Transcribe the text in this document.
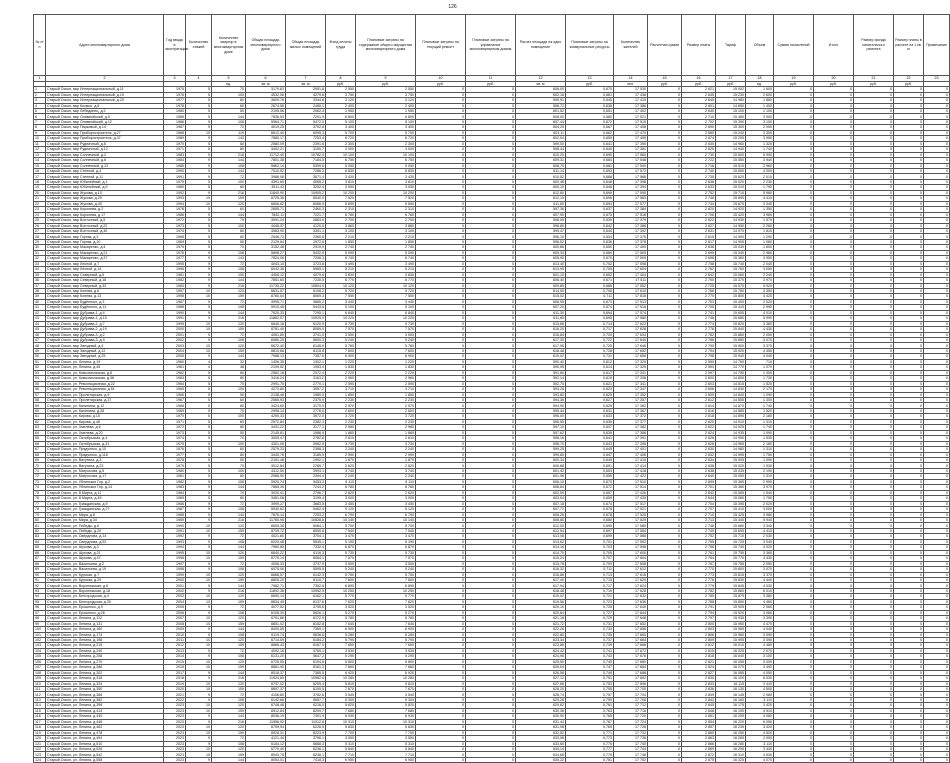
126
№ п/п	Адрес многоквартирного дома	Год ввода в эксплуатацию	Количество этажей	Количество квартир в многоквартирном доме	Общая площадь многоквартирного дома	Общая площадь жилых помещений	Фонд оплаты труда	Плановые затраты на содержание общего имущества многоквартирного дома	Плановые затраты на текущий ремонт	Плановые затраты на управление многоквартирным домом	Расчет площади на одно помещение	Плановые затраты на коммунальные ресурсы	Количество жителей	Расчетная сумма	Размер платы	Тариф	Объем	Сумма начислений	Итого	Размер фонда капитального ремонта	Размер платы в расчете на 1 кв. м	Примечание
1	2	3	4	5	6	7	8	9	10	11	12	13	14	15	16	17	18	19	20	21	22	23
				ед.	кв. м	кв. м	руб.	руб.	руб.	руб.	кв. м	руб.	чел.	руб.	руб.	руб.	ед.	руб.	руб.	руб.	руб.	
1	Старый Оскол, мкр Интернациональный, д.11	1975	5	70	3179,63	2951,8	2 550	2 550	0	0	606,00	0,670	17 530	0	2 621	15 002	1 600	0	0	0	0	0
2	Старый Оскол, мкр Интернациональный, д.19	1976	5	100	4532,06	4279,6	3 750	3 750	0	0	602,16	0,661	17 436	0	2 645	15 230	2 600	0	0	0	0	0
3	Старый Оскол, мкр Интернациональный, д.20	1977	5	80	3609,76	3344,8	3 120	3 120	0	0	599,91	0,645	17 410	0	2 645	14 980	1 860	0	0	0	0	0
4	Старый Оскол, мкр Космос, д.6	1978	5	60	2674,56	2480,1	2 400	2 400	0	0	596,72	0,638	17 386	0	2 601	14 850	1 400	0	0	0	0	0
5	Старый Оскол, мкр Лебединец, д.3	1980	5	50	2195,56	2062,4	1 950	1 950	0	0	601,52	0,651	17 402	0	2 640	15 100	1 100	0	0	0	0	0
6	Старый Оскол, мкр Олимпийский, д.5	1985	9	144	7836,53	7201,9	6 800	6 800	0	0	608,00	0,680	17 521	0	2 710	15 480	3 900	0	0	0	0	0
7	Старый Оскол, мкр Олимпийский, д.12	1986	9	108	5964,71	5472,0	5 100	5 100	0	0	607,44	0,672	17 515	0	2 702	15 390	3 100	0	0	0	0	0
8	Старый Оскол, мкр Парковый, д.14	1987	9	72	4019,25	3702,8	3 400	3 400	0	0	604,25	0,667	17 498	0	2 690	15 300	2 050	0	0	0	0	0
9	Старый Оскол, мкр Приборостроитель, д.27	1988	10	119	6612,40	6095,3	5 700	5 700	0	0	603,11	0,662	17 470	0	2 680	15 240	3 300	0	0	0	0	0
10	Старый Оскол, мкр Приборостроитель, д.37	1989	9	143	7880,17	7253,4	6 720	6 720	0	0	602,04	0,659	17 455	0	2 674	15 205	3 950	0	0	0	0	0
11	Старый Оскол, мкр Рудничный, д.8	1970	5	60	2580,09	2391,6	2 300	2 300	0	0	599,00	0,641	17 390	0	2 630	14 960	1 320	0	0	0	0	0
12	Старый Оскол, мкр Рудничный, д.12	1971	5	80	3402,21	3150,7	3 000	3 000	0	0	598,44	0,640	17 381	0	2 625	14 940	1 740	0	0	0	0	0
13	Старый Оскол, мкр Солнечный, д.2	1983	9	216	11712,40	10782,0	10 100	10 100	0	0	610,20	0,690	17 560	0	2 730	15 600	5 900	0	0	0	0	0
14	Старый Оскол, мкр Солнечный, д.6	1984	9	144	7801,38	7184,5	6 750	6 750	0	0	609,31	0,684	17 548	0	2 722	15 550	3 940	0	0	0	0	0
15	Старый Оскол, мкр Солнечный, д.13	1985	9	108	5862,14	5399,6	5 050	5 050	0	0	608,70	0,681	17 540	0	2 716	15 510	2 960	0	0	0	0	0
16	Старый Оскол, мкр Степной, д.4	1990	9	144	7910,52	7286,3	6 830	6 830	0	0	611,14	0,693	17 572	0	2 740	15 650	4 000	0	0	0	0	0
17	Старый Оскол, мкр Степной, д.11	1991	9	72	3986,08	3671,4	3 430	3 430	0	0	610,52	0,688	17 566	0	2 735	15 620	2 010	0	0	0	0	0
18	Старый Оскол, мкр Юбилейный, д.1	1979	5	100	4391,65	4065,2	3 810	3 810	0	0	600,48	0,648	17 398	0	2 636	15 020	2 230	0	0	0	0	0
19	Старый Оскол, мкр Юбилейный, д.9	1980	5	80	3511,43	3252,4	3 050	3 050	0	0	600,10	0,646	17 394	0	2 633	15 010	1 790	0	0	0	0	0
20	Старый Оскол, мкр Жукова, д.10	1992	9	216	11840,90	10905,2	10 200	10 200	0	0	612,80	0,699	17 590	0	2 752	15 710	5 980	0	0	0	0	0
21	Старый Оскол, мкр Жукова, д.29	1993	10	159	8725,36	8040,0	7 520	7 520	0	0	612,15	0,696	17 583	0	2 748	15 690	4 410	0	0	0	0	0
22	Старый Оскол, мкр Жукова, д.40	1994	10	120	6606,82	6086,9	5 690	5 690	0	0	611,60	0,694	17 577	0	2 744	15 670	3 340	0	0	0	0	0
23	Старый Оскол, мкр Королева, д.2	1978	5	60	2655,71	2460,3	2 310	2 310	0	0	597,36	0,637	17 384	0	2 620	14 920	1 350	0	0	0	0	0
24	Старый Оскол, мкр Королева, д.17	1986	9	144	7842,11	7221,7	6 760	6 760	0	0	607,90	0,675	17 518	0	2 706	15 420	3 960	0	0	0	0	0
25	Старый Оскол, мкр Восточный, д.5	1972	5	70	3091,24	2863,0	2 700	2 700	0	0	598,05	0,639	17 379	0	2 622	14 930	1 570	0	0	0	0	0
26	Старый Оскол, мкр Восточный, д.22	1973	5	100	4448,37	4120,5	3 860	3 860	0	0	598,80	0,642	17 388	0	2 627	14 950	2 260	0	0	0	0	0
27	Старый Оскол, мкр Восточный, д.40	1974	5	80	3563,90	3301,1	3 100	3 100	0	0	599,47	0,644	17 392	0	2 631	14 970	1 810	0	0	0	0	0
28	Старый Оскол, мкр Горняк, д.3	1968	5	60	2548,73	2360,8	2 210	2 210	0	0	596,10	0,634	17 376	0	2 615	14 900	1 290	0	0	0	0	0
29	Старый Оскол, мкр Горняк, д.10	1969	5	50	2129,64	1972,6	1 850	1 850	0	0	596,52	0,636	17 378	0	2 617	14 905	1 080	0	0	0	0	0
30	Старый Оскол, мкр Макаренко, д.4	1975	5	70	3152,48	2919,9	2 740	2 740	0	0	600,86	0,650	17 400	0	2 638	15 030	1 600	0	0	0	0	0
31	Старый Оскол, мкр Макаренко, д.21	1976	9	108	5898,27	5432,9	5 090	5 090	0	0	605,33	0,669	17 505	0	2 695	15 340	2 980	0	0	0	0	0
32	Старый Оскол, мкр Макаренко, д.37	1977	9	143	7824,06	7206,3	6 740	6 740	0	0	605,90	0,670	17 509	0	2 698	15 360	3 950	0	0	0	0	0
33	Старый Оскол, мкр Лесной, д.7	1995	9	72	4043,15	3723,8	3 490	3 490	0	0	613,40	0,702	17 598	0	2 758	15 740	2 040	0	0	0	0	0
34	Старый Оскол, мкр Лесной, д.14	1996	9	108	6042,38	5565,1	5 210	5 210	0	0	613,95	0,705	17 604	0	2 762	15 760	3 050	0	0	0	0	0
35	Старый Оскол, мкр Северный, д.5	1981	5	100	4406,12	4079,6	3 830	3 830	0	0	601,10	0,652	17 404	0	2 642	15 060	2 240	0	0	0	0	0
36	Старый Оскол, мкр Северный, д.18	1982	9	144	7851,60	7230,5	6 770	6 770	0	0	606,40	0,671	17 511	0	2 700	15 370	3 970	0	0	0	0	0
37	Старый Оскол, мкр Северный, д.33	1983	9	216	11735,22	10804,9	10 120	10 120	0	0	609,85	0,686	17 552	0	2 725	15 570	5 920	0	0	0	0	0
38	Старый Оскол, мкр Конева, д.6	1997	10	120	6631,57	6108,2	5 720	5 720	0	0	614,50	0,708	17 610	0	2 766	15 780	3 350	0	0	0	0	0
39	Старый Оскол, мкр Конева, д.13	1998	10	159	8760,04	8069,3	7 550	7 550	0	0	615,02	0,711	17 616	0	2 770	15 800	4 420	0	0	0	0	0
40	Старый Оскол, мкр Будённого, д.3	1987	9	72	3995,71	3680,2	3 440	3 440	0	0	606,95	0,673	17 513	0	2 703	15 400	2 020	0	0	0	0	0
41	Старый Оскол, мкр Будённого, д.11	1988	9	108	5910,46	5443,8	5 100	5 100	0	0	607,20	0,674	17 516	0	2 705	15 410	2 990	0	0	0	0	0
42	Старый Оскол, мкр Дубрава-1, д.4	1990	9	144	7920,33	7295,1	6 840	6 840	0	0	611,30	0,694	17 574	0	2 741	15 655	4 010	0	0	0	0	0
43	Старый Оскол, мкр Дубрава-1, д.15	1991	9	216	11862,57	10925,0	10 220	10 220	0	0	611,85	0,695	17 580	0	2 746	15 680	5 990	0	0	0	0	0
44	Старый Оскол, мкр Дубрава-2, д.7	1999	10	120	6645,18	6120,9	5 730	5 730	0	0	615,66	0,714	17 622	0	2 774	15 820	3 360	0	0	0	0	0
45	Старый Оскол, мкр Дубрава-2, д.19	2000	10	159	8781,49	8089,0	7 570	7 570	0	0	616,20	0,717	17 628	0	2 778	15 840	4 430	0	0	0	0	0
46	Старый Оскол, мкр Дубрава-3, д.2	2001	9	72	4061,80	3741,0	3 500	3 500	0	0	616,84	0,720	17 634	0	2 782	15 860	2 050	0	0	0	0	0
47	Старый Оскол, мкр Дубрава-3, д.9	2002	9	108	6080,25	5600,3	5 240	5 240	0	0	617,30	0,722	17 640	0	2 786	15 880	3 070	0	0	0	0	0
48	Старый Оскол, мкр Звездный, д.4	2003	10	120	6672,40	6145,9	5 760	5 760	0	0	617,95	0,725	17 646	0	2 790	15 900	3 370	0	0	0	0	0
49	Старый Оскол, мкр Звездный, д.12	2004	10	159	8810,66	8115,8	7 600	7 600	0	0	618,48	0,728	17 652	0	2 794	15 920	4 450	0	0	0	0	0
50	Старый Оскол, мкр Звездный, д.25	2005	9	144	7988,13	7357,6	6 900	6 900	0	0	619,02	0,731	17 658	0	2 798	15 940	4 040	0	0	0	0	0
51	Старый Оскол, ул. Ленина, д.19	1960	4	32	1406,35	1302,1	1 220	1 220	0	0	590,40	0,612	17 320	0	2 590	14 760	710	0	0	0	0	0
52	Старый Оскол, ул. Ленина, д.45	1961	4	48	2109,52	1953,4	1 830	1 830	0	0	590,95	0,614	17 325	0	2 593	14 770	1 070	0	0	0	0	0
53	Старый Оскол, ул. Комсомольская, д.8	1962	5	60	2562,18	2372,4	2 220	2 220	0	0	591,60	0,617	17 331	0	2 597	14 790	1 300	0	0	0	0	0
54	Старый Оскол, ул. Комсомольская, д.36	1963	5	80	3416,24	3163,2	2 960	2 960	0	0	592,14	0,619	17 336	0	2 600	14 800	1 730	0	0	0	0	0
55	Старый Оскол, ул. Революционная, д.22	1964	5	70	2991,75	2770,1	2 590	2 590	0	0	592,70	0,621	17 341	0	2 603	14 815	1 520	0	0	0	0	0
56	Старый Оскол, ул. Революционная, д.51	1965	5	100	4273,80	3957,2	3 710	3 710	0	0	593,28	0,623	17 347	0	2 606	14 830	2 170	0	0	0	0	0
57	Старый Оскол, ул. Пролетарская, д.9	1966	5	50	2138,46	1980,0	1 850	1 850	0	0	593,80	0,625	17 352	0	2 609	14 840	1 090	0	0	0	0	0
58	Старый Оскол, ул. Пролетарская, д.37	1967	5	60	2565,93	2375,9	2 230	2 230	0	0	594,36	0,627	17 357	0	2 612	14 855	1 300	0	0	0	0	0
59	Старый Оскол, ул. Калинина, д.12	1968	5	80	3424,60	3170,9	2 970	2 970	0	0	594,90	0,629	17 362	0	2 614	14 870	1 740	0	0	0	0	0
60	Старый Оскол, ул. Калинина, д.28	1969	5	70	2998,14	2776,0	2 600	2 600	0	0	595,44	0,631	17 367	0	2 616	14 885	1 520	0	0	0	0	0
61	Старый Оскол, ул. Кирова, д.15	1970	5	100	4290,33	3972,5	3 720	3 720	0	0	596,00	0,633	17 372	0	2 618	14 895	2 180	0	0	0	0	0
62	Старый Оскол, ул. Кирова, д.48	1971	5	60	2572,84	2382,3	2 230	2 230	0	0	596,55	0,635	17 377	0	2 620	14 910	1 310	0	0	0	0	0
63	Старый Оскол, ул. Хмелева, д.6	1972	5	80	3431,22	3177,1	2 980	2 980	0	0	597,10	0,637	17 382	0	2 622	14 925	1 740	0	0	0	0	0
64	Старый Оскол, ул. Хмелева, д.20	1973	5	50	2145,81	1986,9	1 860	1 860	0	0	597,62	0,639	17 386	0	2 624	14 935	1 090	0	0	0	0	0
65	Старый Оскол, ул. Октябрьская, д.4	1974	5	70	3005,47	2782,8	2 610	2 610	0	0	598,16	0,641	17 391	0	2 626	14 950	1 530	0	0	0	0	0
66	Старый Оскол, ул. Октябрьская, д.31	1975	5	100	4301,06	3982,5	3 730	3 730	0	0	598,70	0,643	17 396	0	2 628	14 965	2 180	0	0	0	0	0
67	Старый Оскол, ул. Прядченко, д.10	1976	5	60	2579,33	2388,3	2 240	2 240	0	0	599,25	0,645	17 401	0	2 630	14 980	1 310	0	0	0	0	0
68	Старый Оскол, ул. Прядченко, д.118	1977	5	80	3440,76	3185,9	2 990	2 990	0	0	599,80	0,647	17 406	0	2 632	14 995	1 750	0	0	0	0	0
69	Старый Оскол, ул. Ватутина, д.3	1978	5	50	2151,48	1992,1	1 870	1 870	0	0	600,34	0,649	17 410	0	2 634	15 005	1 090	0	0	0	0	0
70	Старый Оскол, ул. Ватутина, д.23	1979	5	70	3012,84	2789,7	2 620	2 620	0	0	600,88	0,651	17 414	0	2 636	15 020	1 530	0	0	0	0	0
71	Старый Оскол, ул. Матросова, д.5	1980	5	100	4312,50	3993,1	3 740	3 740	0	0	601,42	0,653	17 418	0	2 638	15 035	2 190	0	0	0	0	0
72	Старый Оскол, ул. Матросова, д.17	1981	5	60	2585,90	2394,4	2 240	2 240	0	0	601,96	0,655	17 422	0	2 640	15 050	1 310	0	0	0	0	0
73	Старый Оскол, ул. Ублинских Гор, д.2	1982	9	108	5920,74	5453,3	5 110	5 110	0	0	606,10	0,670	17 510	0	2 699	15 365	2 990	0	0	0	0	0
74	Старый Оскол, ул. Ублинских Гор, д.14	1983	9	144	7865,35	7243,2	6 780	6 780	0	0	606,64	0,672	17 514	0	2 701	15 380	3 970	0	0	0	0	0
75	Старый Оскол, ул. 8 Марта, д.11	1984	5	70	3020,41	2796,7	2 620	2 620	0	0	602,50	0,657	17 426	0	2 642	15 065	1 540	0	0	0	0	0
76	Старый Оскол, ул. 8 Марта, д.45	1985	5	80	3451,08	3195,4	3 000	3 000	0	0	603,04	0,659	17 430	0	2 644	15 080	1 750	0	0	0	0	0
77	Старый Оскол, ул. Гражданская, д.9	1986	9	72	3999,27	3683,5	3 450	3 450	0	0	607,18	0,674	17 517	0	2 704	15 395	2 020	0	0	0	0	0
78	Старый Оскол, ул. Гражданская, д.27	1987	9	108	5930,62	5462,4	5 120	5 120	0	0	607,72	0,676	17 521	0	2 707	15 410	3 000	0	0	0	0	0
79	Старый Оскол, ул. Мира, д.8	1988	9	144	7876,14	7253,2	6 790	6 790	0	0	608,26	0,678	17 525	0	2 710	15 425	3 980	0	0	0	0	0
80	Старый Оскол, ул. Мира, д.34	1989	9	216	11760,96	10828,6	10 140	10 140	0	0	608,80	0,680	17 529	0	2 713	15 440	5 940	0	0	0	0	0
81	Старый Оскол, ул. Победы, д.6	1990	10	120	6605,38	6084,1	5 700	5 700	0	0	612,00	0,695	17 580	0	2 746	15 680	3 340	0	0	0	0	0
82	Старый Оскол, ул. Победы, д.20	1991	10	159	8739,72	8050,8	7 540	7 540	0	0	612,54	0,697	17 584	0	2 749	15 695	4 410	0	0	0	0	0
83	Старый Оскол, ул. Свердлова, д.14	1992	9	72	4021,60	3704,1	3 470	3 470	0	0	613,08	0,699	17 588	0	2 752	15 710	2 030	0	0	0	0	0
84	Старый Оскол, ул. Свердлова, д.52	1993	9	108	6020,48	5545,1	5 190	5 190	0	0	613,62	0,701	17 592	0	2 755	15 725	3 040	0	0	0	0	0
85	Старый Оскол, ул. Шухова, д.3	1994	9	144	7960,85	7332,4	6 870	6 870	0	0	614,16	0,703	17 596	0	2 758	15 740	4 020	0	0	0	0	0
86	Старый Оскол, ул. Шухова, д.21	1995	10	120	6640,22	6116,3	5 730	5 730	0	0	614,70	0,705	17 600	0	2 761	15 755	3 360	0	0	0	0	0
87	Старый Оскол, ул. Шухова, д.47	1996	10	159	8776,14	8084,1	7 570	7 570	0	0	615,24	0,707	17 604	0	2 764	15 770	4 430	0	0	0	0	0
88	Старый Оскол, ул. Васильева, д.2	1997	9	72	4058,33	3737,9	3 500	3 500	0	0	615,78	0,709	17 608	0	2 767	15 785	2 050	0	0	0	0	0
89	Старый Оскол, ул. Васильева, д.19	1998	9	108	6075,06	5595,5	5 240	5 240	0	0	616,32	0,711	17 612	0	2 770	15 800	3 070	0	0	0	0	0
90	Старый Оскол, ул. Курская, д.7	1999	10	120	6668,57	6142,3	5 750	5 750	0	0	616,86	0,713	17 616	0	2 773	15 815	3 370	0	0	0	0	0
91	Старый Оскол, ул. Курская, д.29	2000	10	159	8805,20	8110,7	7 600	7 600	0	0	617,40	0,715	17 620	0	2 776	15 830	4 440	0	0	0	0	0
92	Старый Оскол, ул. Воронежская, д.6	2001	9	144	7982,71	7352,6	6 890	6 890	0	0	617,94	0,717	17 624	0	2 779	15 845	4 030	0	0	0	0	0
93	Старый Оскол, ул. Воронежская, д.18	2002	9	216	11892,38	10952,5	10 250	10 250	0	0	618,48	0,719	17 628	0	2 782	15 860	6 010	0	0	0	0	0
94	Старый Оскол, ул. Белгородская, д.4	2003	10	120	6690,14	6162,1	5 770	5 770	0	0	619,02	0,721	17 632	0	2 785	15 875	3 380	0	0	0	0	0
95	Старый Оскол, ул. Белгородская, д.30	2004	10	159	8834,45	8137,6	7 620	7 620	0	0	619,56	0,723	17 636	0	2 788	15 890	4 460	0	0	0	0	0
96	Старый Оскол, ул. Ерошенко, д.9	2005	9	72	4077,52	3755,6	3 520	3 520	0	0	620,10	0,725	17 640	0	2 791	15 905	2 060	0	0	0	0	0
97	Старый Оскол, ул. Ерошенко, д.26	2006	9	108	6108,30	5626,1	5 270	5 270	0	0	620,64	0,727	17 644	0	2 794	15 920	3 080	0	0	0	0	0
98	Старый Оскол, ул. Ленина, д.112	2007	10	120	6701,86	6172,9	5 780	5 780	0	0	621,18	0,729	17 648	0	2 797	15 935	3 390	0	0	0	0	0
99	Старый Оскол, ул. Ленина, д.131	2008	10	159	8851,02	8152,8	7 640	7 640	0	0	621,72	0,731	17 652	0	2 800	15 950	4 470	0	0	0	0	0
100	Старый Оскол, ул. Ленина, д.160	2009	9	144	8000,55	7369,1	6 900	6 900	0	0	622,26	0,733	17 656	0	2 803	15 965	4 040	0	0	0	0	0
101	Старый Оскол, ул. Ленина, д.174	2010	9	108	6119,74	5636,6	5 280	5 280	0	0	622,80	0,735	17 660	0	2 806	15 980	3 090	0	0	0	0	0
102	Старый Оскол, ул. Ленина, д.198	2011	10	120	6714,09	6184,2	5 790	5 790	0	0	623,34	0,737	17 664	0	2 809	15 995	3 390	0	0	0	0	0
103	Старый Оскол, ул. Ленина, д.215	2012	10	159	8866,43	8167,0	7 650	7 650	0	0	623,88	0,739	17 668	0	2 812	16 010	4 480	0	0	0	0	0
104	Старый Оскол, ул. Ленина, д.240	2013	9	72	4092,16	3769,1	3 530	3 530	0	0	624,42	0,741	17 672	0	2 815	16 025	2 070	0	0	0	0	0
105	Старый Оскол, ул. Ленина, д.258	2014	9	108	6131,20	5647,2	5 290	5 290	0	0	624,96	0,743	17 676	0	2 818	16 040	3 100	0	0	0	0	0
106	Старый Оскол, ул. Ленина, д.270	2015	10	120	6725,55	6194,8	5 800	5 800	0	0	625,50	0,745	17 680	0	2 821	16 055	3 400	0	0	0	0	0
107	Старый Оскол, ул. Ленина, д.286	2016	10	159	8881,90	8181,3	7 660	7 660	0	0	626,04	0,747	17 684	0	2 824	16 070	4 490	0	0	0	0	0
108	Старый Оскол, ул. Ленина, д.302	2017	9	144	8018,37	7385,5	6 920	6 920	0	0	626,58	0,749	17 688	0	2 827	16 085	4 050	0	0	0	0	0
109	Старый Оскол, ул. Ленина, д.318	2018	9	216	11924,65	10982,6	10 280	10 280	0	0	627,12	0,751	17 692	0	2 830	16 100	6 030	0	0	0	0	0
110	Старый Оскол, ул. Ленина, д.334	2019	10	120	6737,02	6205,4	5 810	5 810	0	0	627,66	0,753	17 696	0	2 833	16 115	3 410	0	0	0	0	0
111	Старый Оскол, ул. Ленина, д.350	2020	10	159	8897,37	8195,5	7 670	7 670	0	0	628,20	0,755	17 700	0	2 836	16 130	4 500	0	0	0	0	0
112	Старый Оскол, ул. Ленина, д.366	2021	9	72	4106,80	3782,6	3 540	3 540	0	0	628,74	0,757	17 704	0	2 839	16 145	2 080	0	0	0	0	0
113	Старый Оскол, ул. Ленина, д.382	2022	9	108	6142,66	5657,7	5 300	5 300	0	0	629,28	0,759	17 708	0	2 842	16 160	3 110	0	0	0	0	0
114	Старый Оскол, ул. Ленина, д.398	2023	10	120	6748,48	6216,0	5 820	5 820	0	0	629,82	0,761	17 712	0	2 845	16 175	3 420	0	0	0	0	0
115	Старый Оскол, ул. Ленина, д.414	2023	10	159	8912,84	8209,7	7 680	7 680	0	0	630,36	0,763	17 716	0	2 848	16 190	4 510	0	0	0	0	0
116	Старый Оскол, ул. Ленина, д.430	2023	9	144	8036,19	7401,9	6 930	6 930	0	0	630,90	0,765	17 720	0	2 851	16 205	4 060	0	0	0	0	0
117	Старый Оскол, ул. Ленина, д.446	2023	9	216	11956,92	11012,8	10 310	10 310	0	0	631,44	0,767	17 724	0	2 854	16 220	6 050	0	0	0	0	0
118	Старый Оскол, ул. Ленина, д.462	2023	10	120	6759,94	6226,5	5 830	5 830	0	0	631,98	0,769	17 728	0	2 857	16 235	3 420	0	0	0	0	0
119	Старый Оскол, ул. Ленина, д.478	2023	10	159	8928,31	8223,9	7 700	7 700	0	0	632,52	0,771	17 732	0	2 860	16 250	4 520	0	0	0	0	0
120	Старый Оскол, ул. Ленина, д.494	2023	9	72	4121,44	3796,1	3 550	3 550	0	0	633,06	0,773	17 736	0	2 863	16 265	2 090	0	0	0	0	0
121	Старый Оскол, ул. Ленина, д.510	2023	9	108	6154,12	5668,3	5 310	5 310	0	0	633,60	0,775	17 740	0	2 866	16 280	3 110	0	0	0	0	0
122	Старый Оскол, ул. Ленина, д.526	2023	10	120	6770,40	6236,1	5 840	5 840	0	0	634,14	0,777	17 744	0	2 869	16 295	3 430	0	0	0	0	0
123	Старый Оскол, ул. Ленина, д.542	2023	10	159	8943,78	8238,1	7 710	7 710	0	0	634,68	0,779	17 748	0	2 872	16 310	4 530	0	0	0	0	0
124	Старый Оскол, ул. Ленина, д.558	2023	9	144	8054,01	7418,3	6 950	6 950	0	0	635,22	0,781	17 752	0	2 875	16 325	4 070	0	0	0	0	0
